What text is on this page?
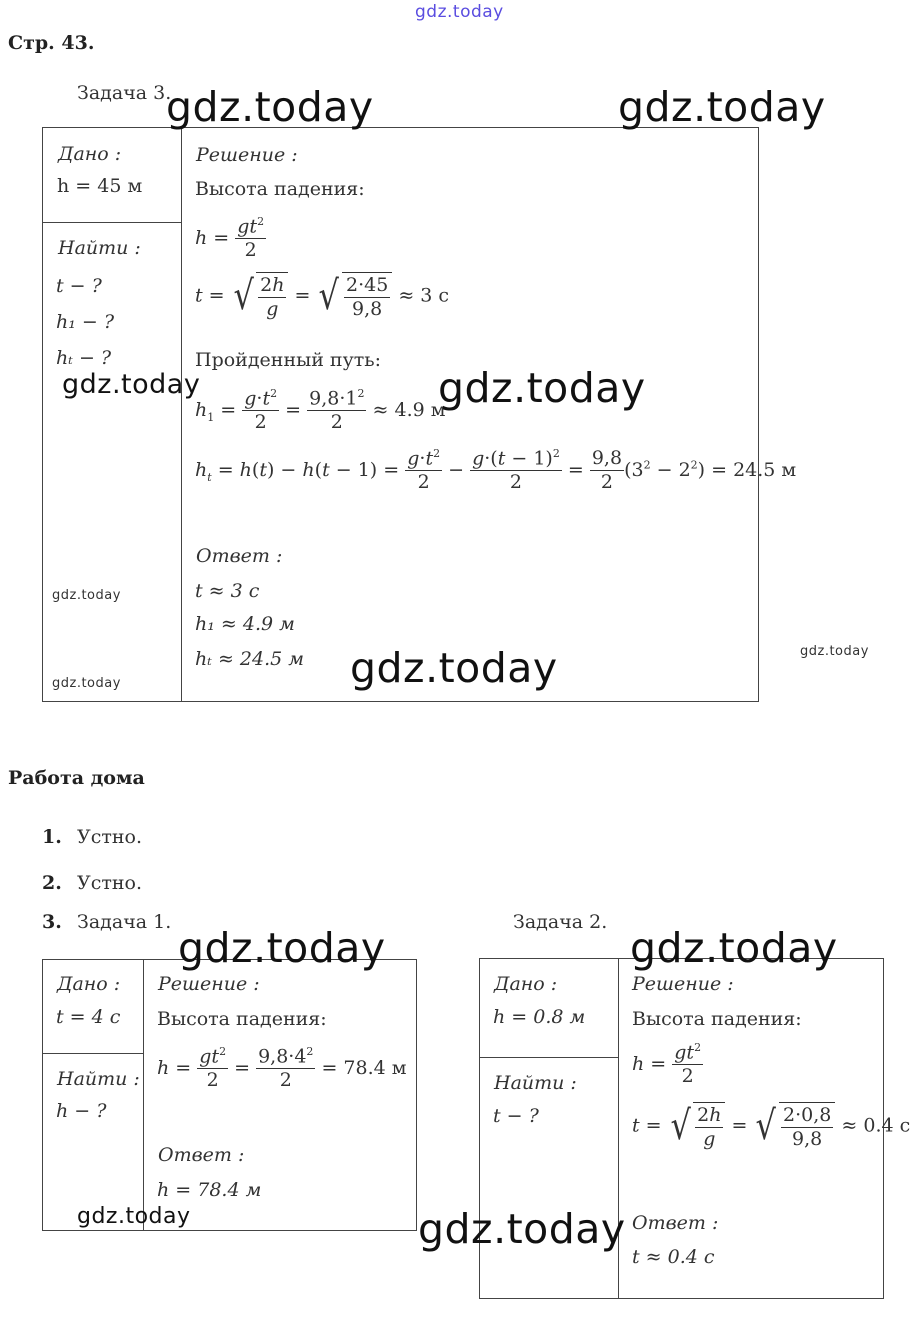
gdz.today
Стр. 43.
Задача 3.
Дано :
h = 45 м
Найти :
t − ?
h₁ − ?
hₜ − ?
Решение :
Высота падения:
$h = \frac{gt^2}{2}$
t = √ $\frac{2h}{g}$ = √ $\frac{2\cdot 45}{9,8} \approx 3$ с
Пройденный путь:
$h_1 = \frac{g\cdot t^2}{2} = \frac{9,8\cdot 1^2}{2} \approx 4.9$ м
$h_t = h(t) - h(t - 1) = \frac{g\cdot t^2}{2} - \frac{g\cdot(t - 1)^2}{2} = \frac{9,8}{2} (3^2 - 2^2) = 24.5$ м
Ответ :
t ≈ 3 с
h₁ ≈ 4.9 м
hₜ ≈ 24.5 м
Работа дома
1. Устно.
2. Устно.
3. Задача 1.	Задача 2.
Дано :
t = 4 с
Найти :
h − ?
Решение :
Высота падения:
$h = \frac{gt^2}{2} = \frac{9,8\cdot 4^2}{2} = 78.4$ м
Ответ :
h = 78.4 м
Дано :
h = 0.8 м
Найти :
t − ?
Решение :
Высота падения:
$h = \frac{gt^2}{2}$
t = √ $\frac{2h}{g}$ = √ $\frac{2\cdot 0,8}{9,8} \approx 0.4$ с
Ответ :
t ≈ 0.4 с
gdz.today	gdz.today
gdz.today	gdz.today
gdz.today
gdz.today
gdz.today
gdz.today
gdz.today	gdz.today
gdz.today	gdz.today
